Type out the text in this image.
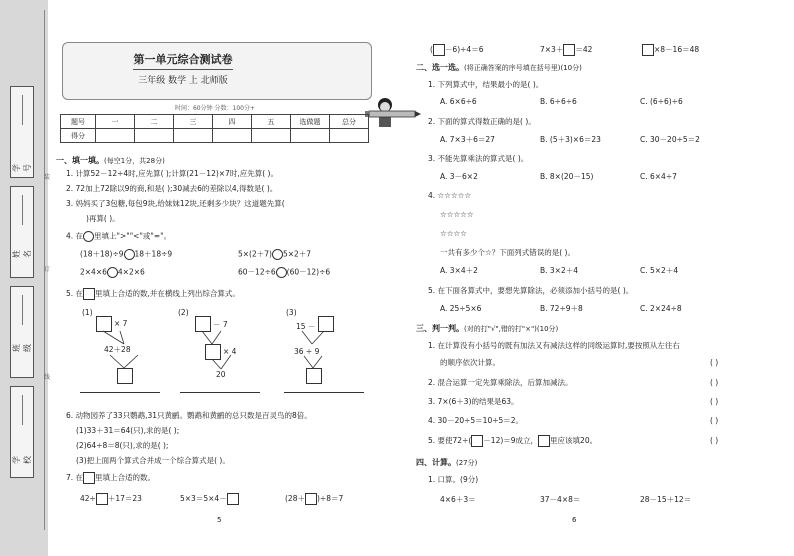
学号
姓名
班级
学校
装
订
线
第一单元综合测试卷
三年级 数学 上 北师版
时间：60分钟 分数：100分+
题号	一	二	三	四	五	选做题	总分
得分							
一、填一填。(每空1分，共28分)
1. 计算52－12÷4时,应先算( );计算(21－12)×7时,应先算( )。
2. 72加上72除以9的商,和是( );30减去6的差除以4,得数是( )。
3. 妈妈买了3包糖,每包9块,给妹妹12块,还剩多少块？这道题先算(
)再算( )。
4. 在 里填上">""<"或"="。
(18＋18)÷9 18＋18÷9	5×(2＋7) 5×2＋7
2×4×6 4×2×6	60－12÷6 (60－12)÷6
5. 在 里填上合适的数,并在横线上列出综合算式。
(1)
× 7
42＋28
(2)
－ 7
× 4
20
(3)
15 －
36 ÷ 9
6. 动物园养了33只鹦鹉,31只黄鹂。鹦鹉和黄鹂的总只数是百灵鸟的8倍。
(1)33＋31＝64(只),求的是( );
(2)64÷8＝8(只),求的是( );
(3)把上面两个算式合并成一个综合算式是( )。
7. 在 里填上合适的数。
42÷ ＋17＝23	5×3＝5×4－	(28＋ )÷8＝7
5
( －6)÷4＝6	7×3＋ ＝42	×8－16＝48
二、选一选。(将正确答案的序号填在括号里)(10分)
1. 下列算式中，结果最小的是( )。
A. 6×6÷6	B. 6÷6÷6	C. (6÷6)÷6
2. 下面的算式得数正确的是( )。
A. 7×3＋6＝27	B. (5＋3)×6＝23	C. 30－20÷5＝2
3. 不能先算乘法的算式是( )。
A. 3－6×2	B. 8×(20－15)	C. 6×4÷7
4. ☆☆☆☆☆
☆☆☆☆☆
☆☆☆☆
一共有多少个☆？下面列式错误的是( )。
A. 3×4＋2	B. 3×2＋4	C. 5×2＋4
5. 在下面各算式中，要想先算除法，必须添加小括号的是( )。
A. 25÷5×6	B. 72÷9＋8	C. 2×24÷8
三、判一判。(对的打"√",错的打"×")(10分)
1. 在计算没有小括号的既有加法又有减法这样的同级运算时,要按照从左往右
的顺序依次计算。	( )
2. 混合运算一定先算乘除法，后算加减法。	( )
3. 7×(6＋3)的结果是63。	( )
4. 30－20÷5＝10÷5＝2。	( )
5. 要使72÷( －12)＝9成立， 里应该填20。	( )
四、计算。(27分)
1. 口算。(9分)
4×6＋3＝	37－4×8＝	28－15＋12＝
6
